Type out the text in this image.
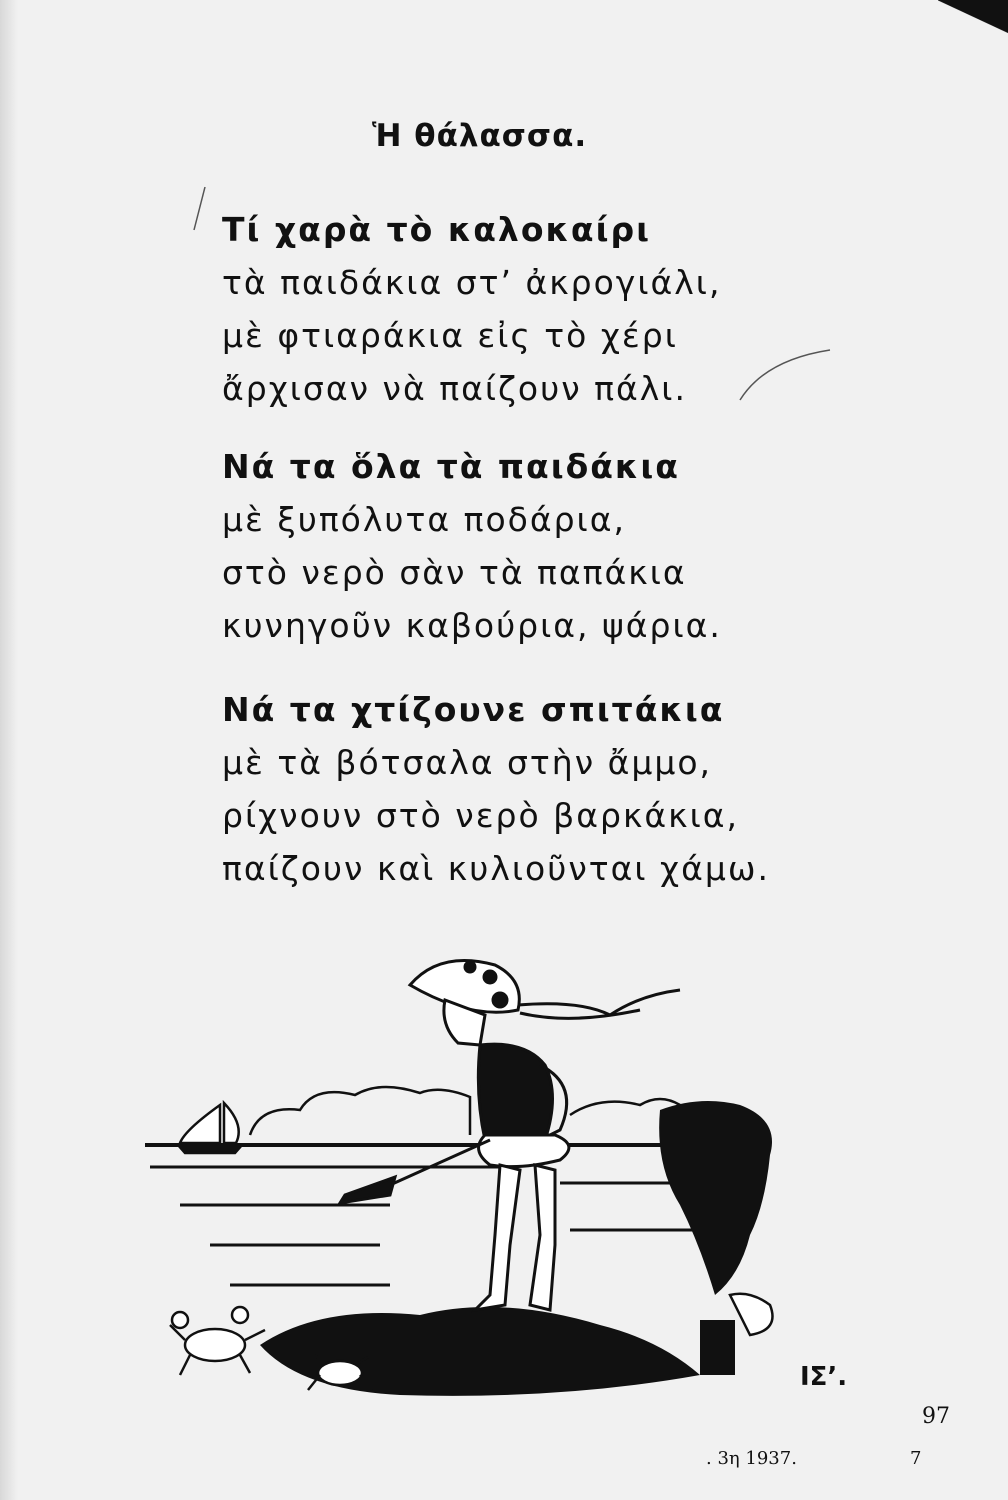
Ἡ θάλασσα.
Τί χαρὰ τὸ καλοκαίρι
τὰ παιδάκια στ’ ἀκρογιάλι,
μὲ φτιαράκια εἰς τὸ χέρι
ἄρχισαν νὰ παίζουν πάλι.
Νά τα ὅλα τὰ παιδάκια
μὲ ξυπόλυτα ποδάρια,
στὸ νερὸ σὰν τὰ παπάκια
κυνηγοῦν καβούρια, ψάρια.
Νά τα χτίζουνε σπιτάκια
μὲ τὰ βότσαλα στὴν ἄμμο,
ρίχνουν στὸ νερὸ βαρκάκια,
παίζουν καὶ κυλιοῦνται χάμω.
ΙΣ’.
97
. 3η 1937.	7
